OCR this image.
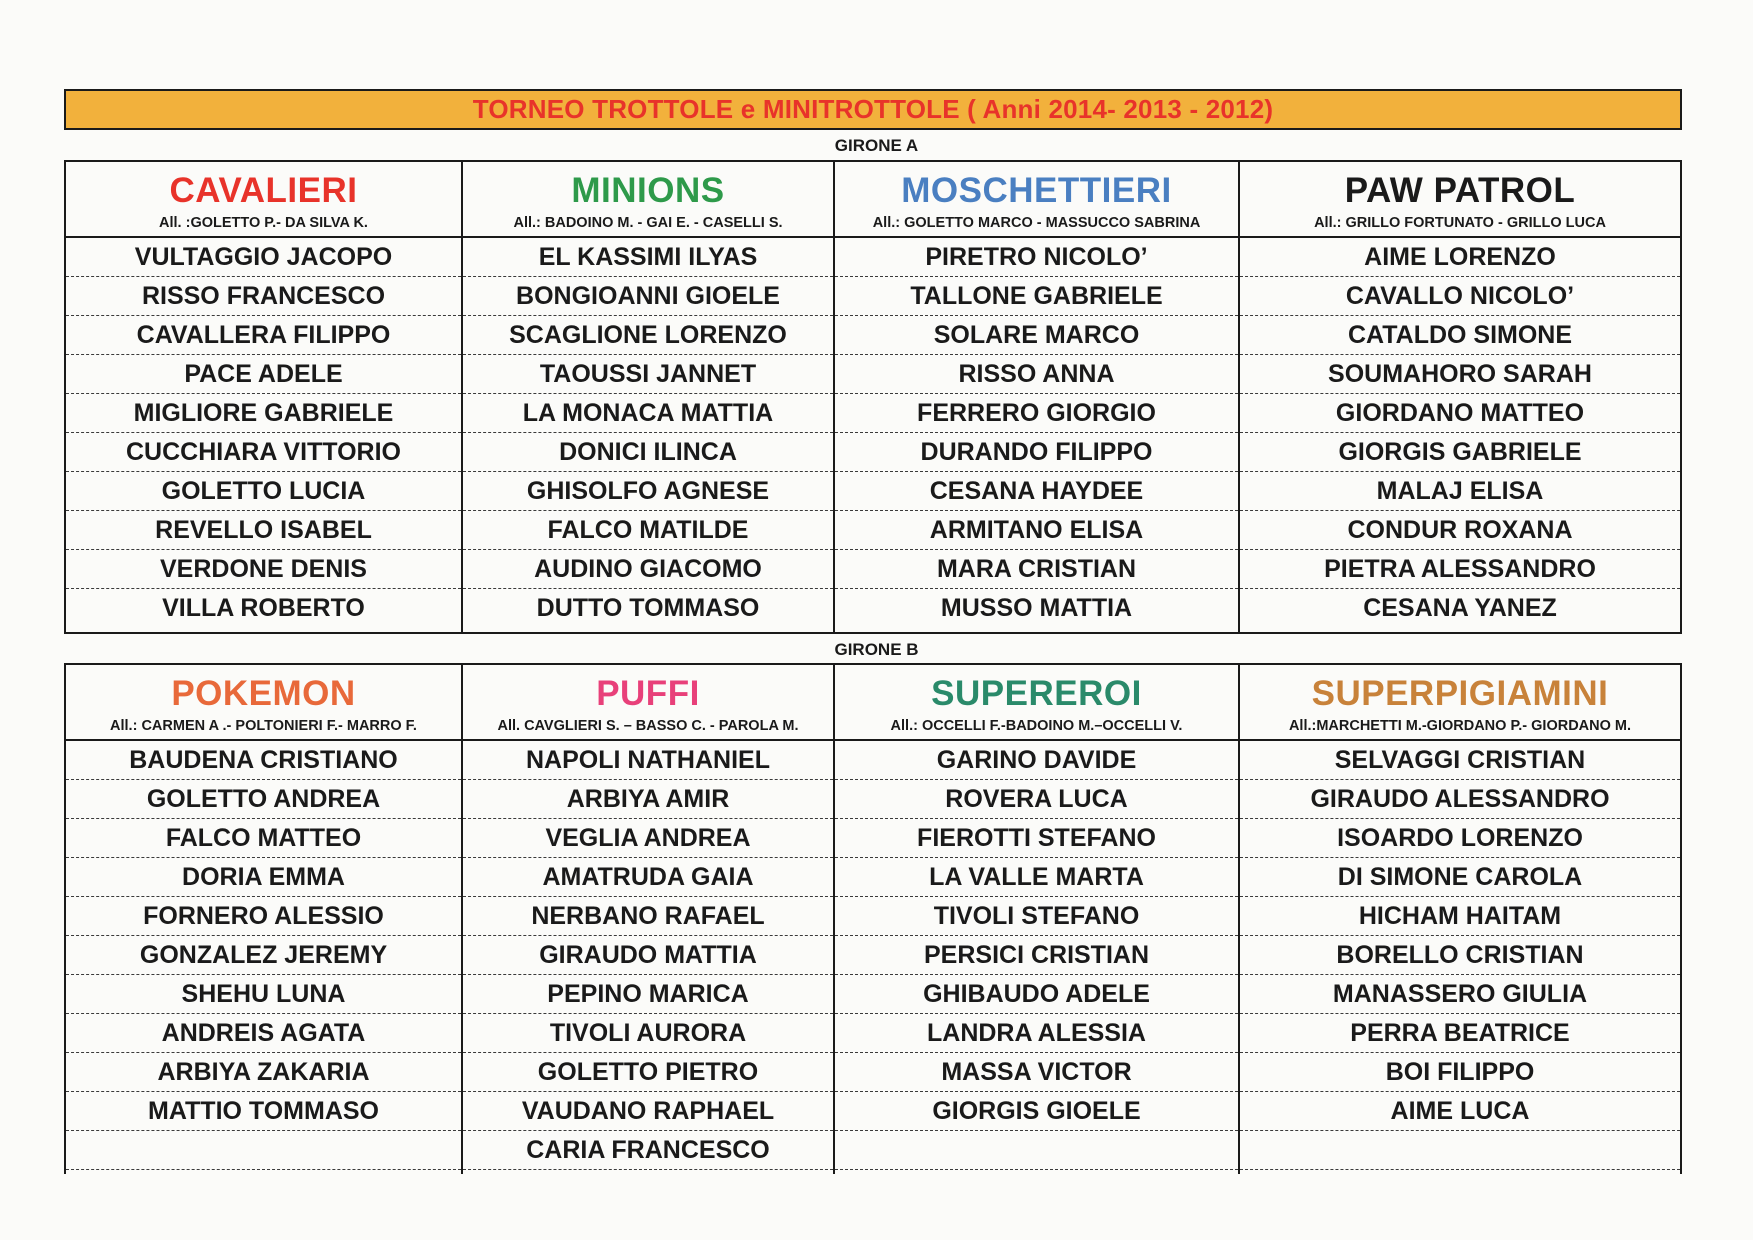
TORNEO TROTTOLE e MINITROTTOLE ( Anni 2014- 2013 - 2012)
GIRONE A
CAVALIERI
All. :GOLETTO P.- DA SILVA K.
VULTAGGIO JACOPO
RISSO FRANCESCO
CAVALLERA FILIPPO
PACE ADELE
MIGLIORE GABRIELE
CUCCHIARA VITTORIO
GOLETTO LUCIA
REVELLO ISABEL
VERDONE DENIS
VILLA ROBERTO
MINIONS
All.: BADOINO M. - GAI E. - CASELLI S.
EL KASSIMI ILYAS
BONGIOANNI GIOELE
SCAGLIONE LORENZO
TAOUSSI JANNET
LA MONACA MATTIA
DONICI ILINCA
GHISOLFO AGNESE
FALCO MATILDE
AUDINO GIACOMO
DUTTO TOMMASO
MOSCHETTIERI
All.: GOLETTO MARCO - MASSUCCO SABRINA
PIRETRO NICOLO’
TALLONE GABRIELE
SOLARE MARCO
RISSO ANNA
FERRERO GIORGIO
DURANDO FILIPPO
CESANA HAYDEE
ARMITANO ELISA
MARA CRISTIAN
MUSSO MATTIA
PAW PATROL
All.: GRILLO FORTUNATO - GRILLO LUCA
AIME LORENZO
CAVALLO NICOLO’
CATALDO SIMONE
SOUMAHORO SARAH
GIORDANO MATTEO
GIORGIS GABRIELE
MALAJ ELISA
CONDUR ROXANA
PIETRA ALESSANDRO
CESANA YANEZ
GIRONE B
POKEMON
All.: CARMEN A .- POLTONIERI F.- MARRO F.
BAUDENA CRISTIANO
GOLETTO ANDREA
FALCO MATTEO
DORIA EMMA
FORNERO ALESSIO
GONZALEZ JEREMY
SHEHU LUNA
ANDREIS AGATA
ARBIYA ZAKARIA
MATTIO TOMMASO
PUFFI
All. CAVGLIERI S. – BASSO C. - PAROLA M.
NAPOLI NATHANIEL
ARBIYA AMIR
VEGLIA ANDREA
AMATRUDA GAIA
NERBANO RAFAEL
GIRAUDO MATTIA
PEPINO MARICA
TIVOLI AURORA
GOLETTO PIETRO
VAUDANO RAPHAEL
CARIA FRANCESCO
SUPEREROI
All.: OCCELLI F.-BADOINO M.–OCCELLI V.
GARINO DAVIDE
ROVERA LUCA
FIEROTTI STEFANO
LA VALLE MARTA
TIVOLI STEFANO
PERSICI CRISTIAN
GHIBAUDO ADELE
LANDRA ALESSIA
MASSA VICTOR
GIORGIS GIOELE
SUPERPIGIAMINI
All.:MARCHETTI M.-GIORDANO P.- GIORDANO M.
SELVAGGI CRISTIAN
GIRAUDO ALESSANDRO
ISOARDO LORENZO
DI SIMONE CAROLA
HICHAM HAITAM
BORELLO CRISTIAN
MANASSERO GIULIA
PERRA BEATRICE
BOI FILIPPO
AIME LUCA
